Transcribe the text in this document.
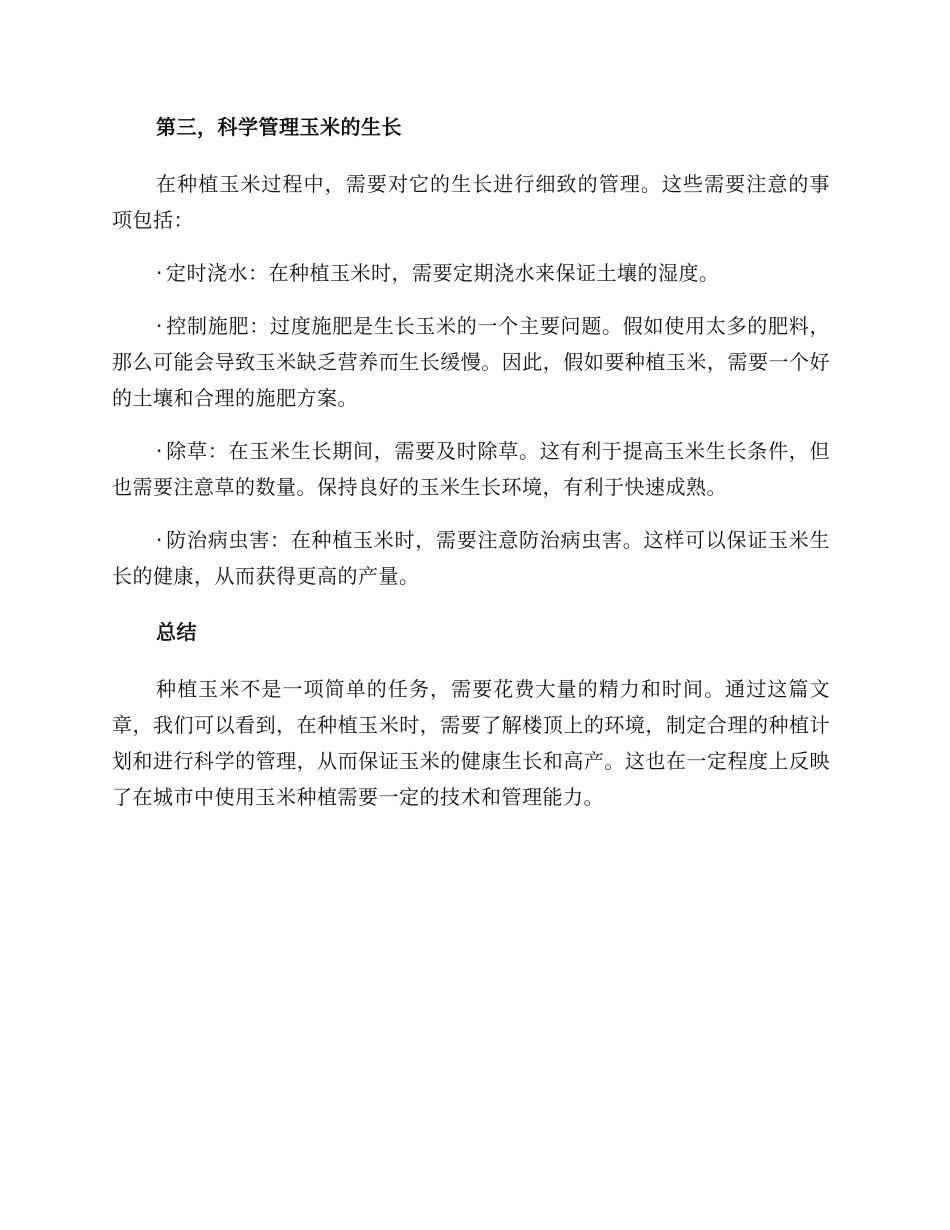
第三，科学管理玉米的生长

在种植玉米过程中，需要对它的生长进行细致的管理。这些需要注意的事项包括：

· 定时浇水：在种植玉米时，需要定期浇水来保证土壤的湿度。

· 控制施肥：过度施肥是生长玉米的一个主要问题。假如使用太多的肥料，那么可能会导致玉米缺乏营养而生长缓慢。因此，假如要种植玉米，需要一个好的土壤和合理的施肥方案。

· 除草：在玉米生长期间，需要及时除草。这有利于提高玉米生长条件，但也需要注意草的数量。保持良好的玉米生长环境，有利于快速成熟。

· 防治病虫害：在种植玉米时，需要注意防治病虫害。这样可以保证玉米生长的健康，从而获得更高的产量。

总结

种植玉米不是一项简单的任务，需要花费大量的精力和时间。通过这篇文章，我们可以看到，在种植玉米时，需要了解楼顶上的环境，制定合理的种植计划和进行科学的管理，从而保证玉米的健康生长和高产。这也在一定程度上反映了在城市中使用玉米种植需要一定的技术和管理能力。
